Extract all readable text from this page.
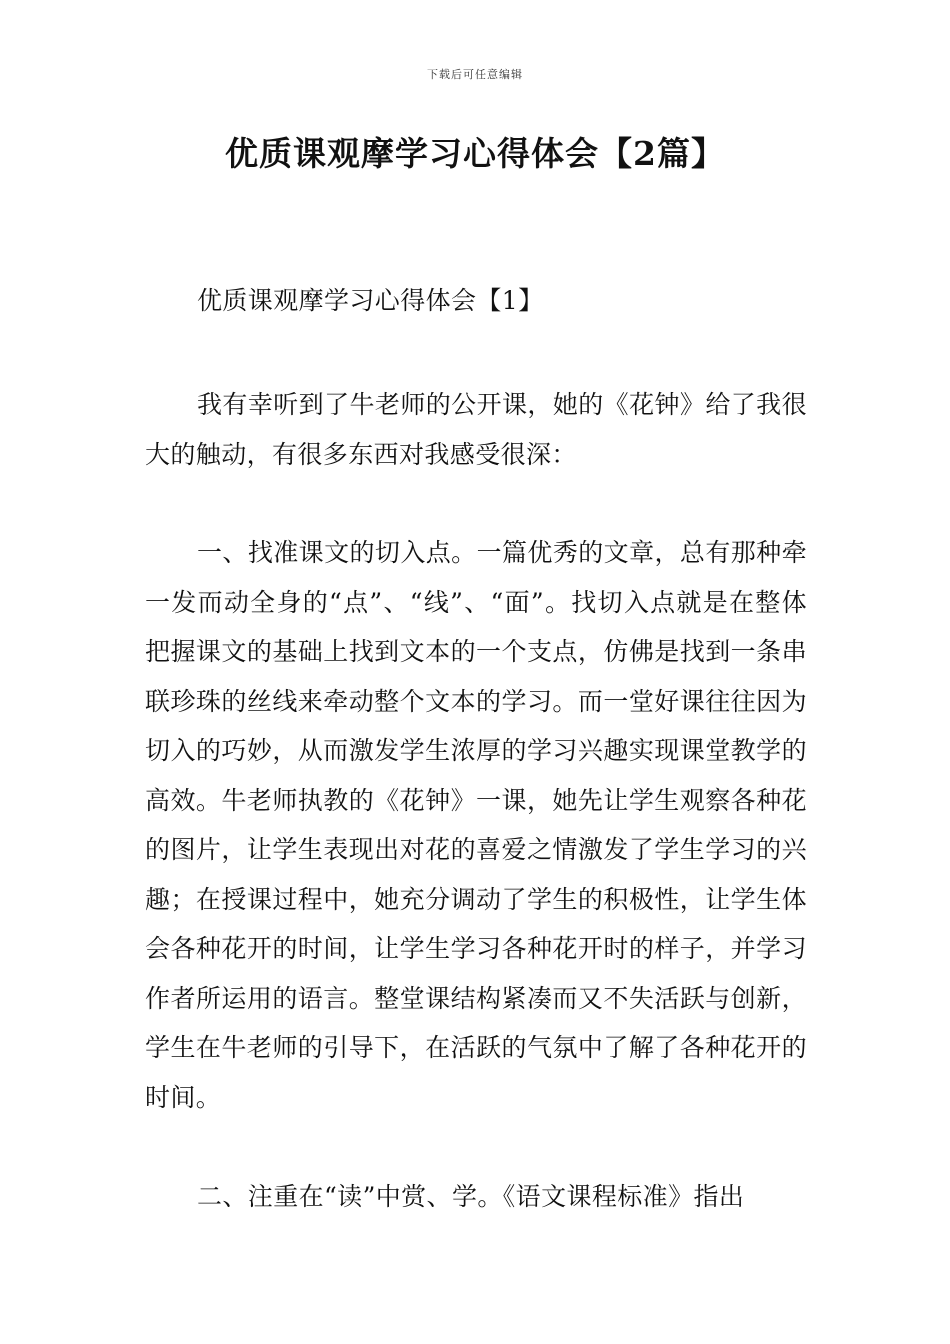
下载后可任意编辑
优质课观摩学习心得体会【2篇】

优质课观摩学习心得体会【1】

我有幸听到了牛老师的公开课，她的《花钟》给了我很大的触动，有很多东西对我感受很深：

一、找准课文的切入点。一篇优秀的文章，总有那种牵一发而动全身的“点”、“线”、“面”。找切入点就是在整体把握课文的基础上找到文本的一个支点，仿佛是找到一条串联珍珠的丝线来牵动整个文本的学习。而一堂好课往往因为切入的巧妙，从而激发学生浓厚的学习兴趣实现课堂教学的高效。牛老师执教的《花钟》一课，她先让学生观察各种花的图片，让学生表现出对花的喜爱之情激发了学生学习的兴趣；在授课过程中，她充分调动了学生的积极性，让学生体会各种花开的时间，让学生学习各种花开时的样子，并学习作者所运用的语言。整堂课结构紧凑而又不失活跃与创新，学生在牛老师的引导下，在活跃的气氛中了解了各种花开的时间。

二、注重在“读”中赏、学。《语文课程标准》指出
